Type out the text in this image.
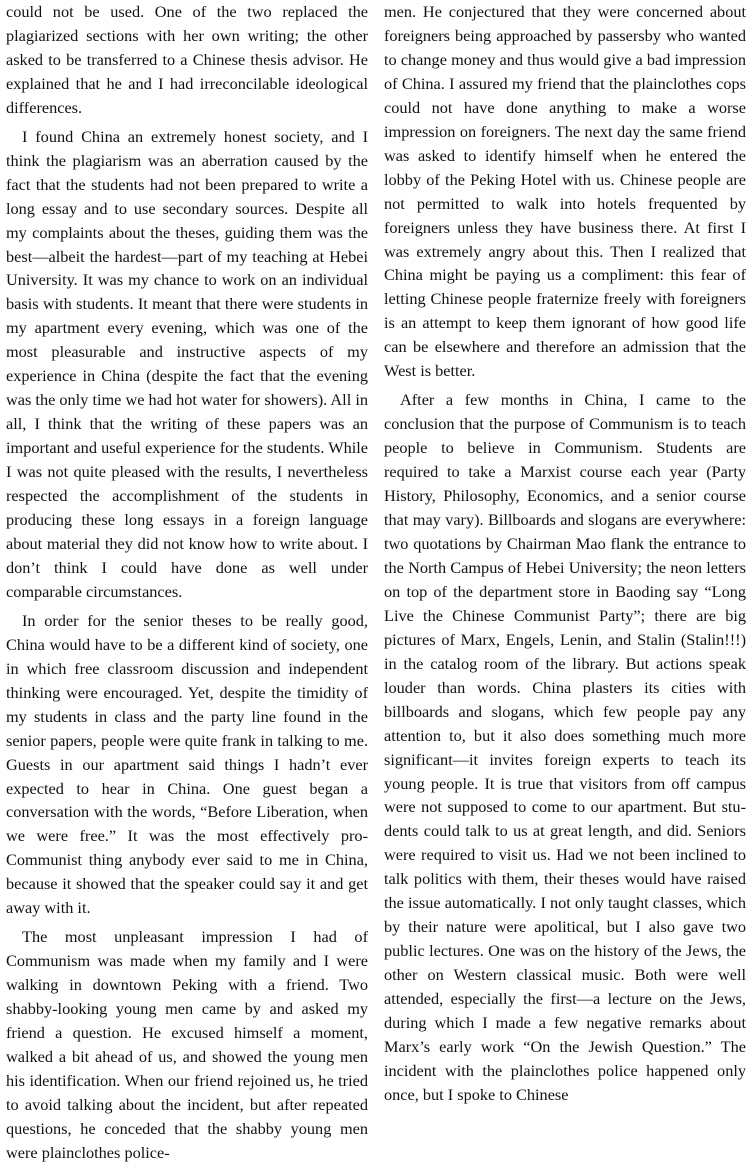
could not be used. One of the two replaced the plagiarized sections with her own writing; the other asked to be transferred to a Chinese thesis advisor. He explained that he and I had irreconcilable ideological differences.

I found China an extremely honest society, and I think the plagiarism was an aberration caused by the fact that the students had not been prepared to write a long essay and to use secondary sources. Despite all my complaints about the theses, guiding them was the best—albeit the hardest—part of my teaching at Hebei University. It was my chance to work on an individual basis with students. It meant that there were students in my apartment every evening, which was one of the most pleasurable and instructive aspects of my experience in China (despite the fact that the evening was the only time we had hot water for showers). All in all, I think that the writing of these papers was an important and useful experience for the students. While I was not quite pleased with the results, I nevertheless respected the accomplishment of the students in producing these long essays in a foreign language about material they did not know how to write about. I don’t think I could have done as well under comparable circumstances.

In order for the senior theses to be really good, China would have to be a different kind of society, one in which free classroom discussion and independent thinking were encouraged. Yet, despite the timidity of my students in class and the party line found in the senior papers, people were quite frank in talking to me. Guests in our apartment said things I hadn’t ever expected to hear in China. One guest began a conversation with the words, “Before Liberation, when we were free.” It was the most effectively pro-Communist thing anybody ever said to me in China, because it showed that the speaker could say it and get away with it.

The most unpleasant impression I had of Communism was made when my family and I were walking in downtown Peking with a friend. Two shabby-looking young men came by and asked my friend a question. He excused himself a moment, walked a bit ahead of us, and showed the young men his identification. When our friend rejoined us, he tried to avoid talking about the incident, but after repeated questions, he conceded that the shabby young men were plainclothes police-

men. He conjectured that they were concerned about foreigners being approached by passersby who wanted to change money and thus would give a bad impression of China. I assured my friend that the plainclothes cops could not have done anything to make a worse impression on foreigners. The next day the same friend was asked to identify himself when he entered the lobby of the Peking Hotel with us. Chinese people are not permitted to walk into hotels frequented by foreigners unless they have business there. At first I was extremely angry about this. Then I realized that China might be paying us a compliment: this fear of letting Chinese people fraternize freely with foreigners is an attempt to keep them ignorant of how good life can be elsewhere and therefore an admission that the West is better.

After a few months in China, I came to the conclusion that the purpose of Communism is to teach people to believe in Communism. Students are required to take a Marxist course each year (Party History, Philosophy, Economics, and a senior course that may vary). Billboards and slogans are everywhere: two quotations by Chairman Mao flank the entrance to the North Campus of Hebei University; the neon letters on top of the department store in Baoding say “Long Live the Chinese Communist Party”; there are big pictures of Marx, Engels, Lenin, and Stalin (Stalin!!!) in the catalog room of the library. But actions speak louder than words. China plasters its cities with billboards and slogans, which few people pay any attention to, but it also does something much more significant—it invites foreign experts to teach its young people. It is true that visitors from off campus were not supposed to come to our apartment. But students could talk to us at great length, and did. Seniors were required to visit us. Had we not been inclined to talk politics with them, their theses would have raised the issue automatically. I not only taught classes, which by their nature were apolitical, but I also gave two public lectures. One was on the history of the Jews, the other on Western classical music. Both were well attended, especially the first—a lecture on the Jews, during which I made a few negative remarks about Marx’s early work “On the Jewish Question.” The incident with the plainclothes police happened only once, but I spoke to Chinese
